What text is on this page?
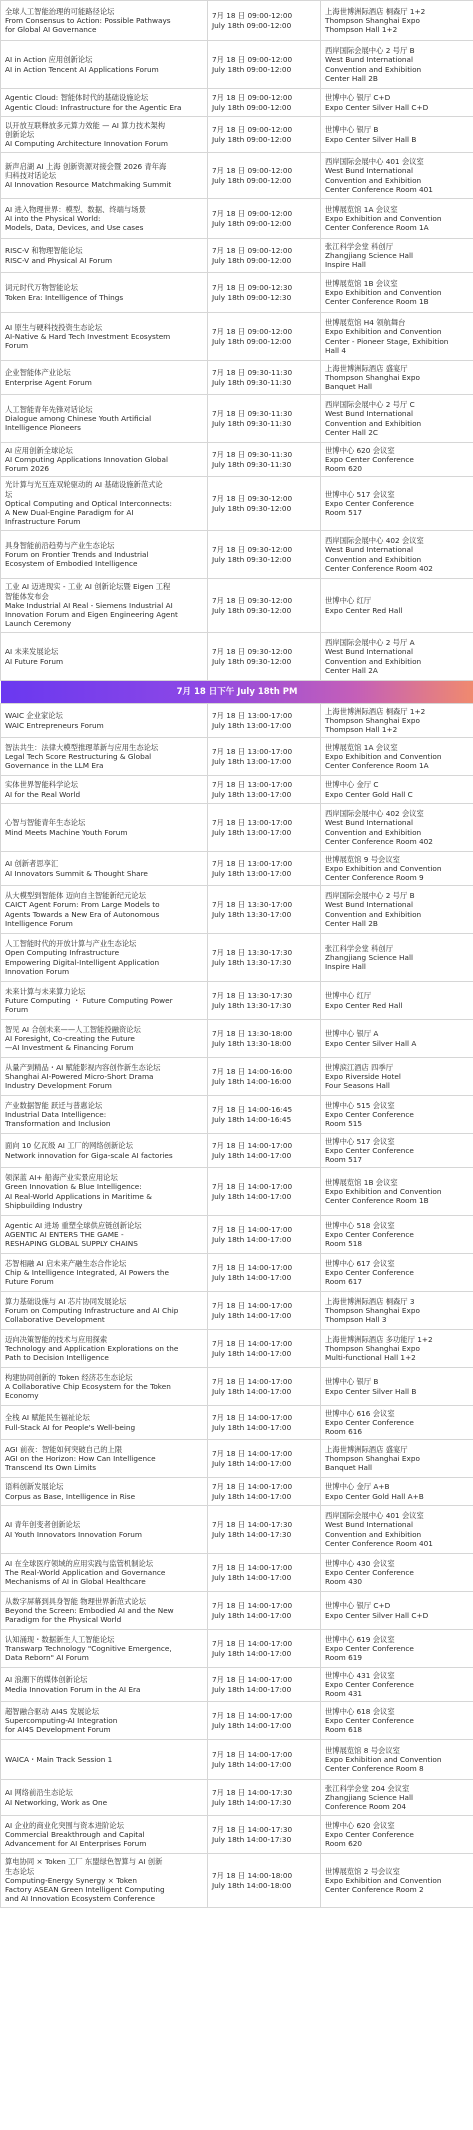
全球人工智能治理的可能路径论坛
From Consensus to Action: Possible Pathways
for Global AI Governance	7月 18 日 09:00-12:00
July 18th 09:00-12:00	上海世博洲际酒店 桐森厅 1+2
Thompson Shanghai Expo
Thompson Hall 1+2

AI in Action 应用创新论坛
AI in Action Tencent AI Applications Forum	7月 18 日 09:00-12:00
July 18th 09:00-12:00	西岸国际会展中心 2 号厅 B
West Bund International
Convention and Exhibition
Center Hall 2B

Agentic Cloud: 智能体时代的基础设施论坛
Agentic Cloud: Infrastructure for the Agentic Era	7月 18 日 09:00-12:00
July 18th 09:00-12:00	世博中心 银厅 C+D
Expo Center Silver Hall C+D

以开放互联释放多元算力效能 — AI 算力技术架构
创新论坛
AI Computing Architecture Innovation Forum	7月 18 日 09:00-12:00
July 18th 09:00-12:00	世博中心 银厅 B
Expo Center Silver Hall B

新声启湖 AI 上海 创新资源对接会暨 2026 青年海
归科技对话论坛
AI Innovation Resource Matchmaking Summit	7月 18 日 09:00-12:00
July 18th 09:00-12:00	西岸国际会展中心 401 会议室
West Bund International
Convention and Exhibition
Center Conference Room 401

AI 进入物理世界：模型、数据、终端与场景
AI into the Physical World:
Models, Data, Devices, and Use cases	7月 18 日 09:00-12:00
July 18th 09:00-12:00	世博展览馆 1A 会议室
Expo Exhibition and Convention
Center Conference Room 1A

RISC-V 和物理智能论坛
RISC-V and Physical AI Forum	7月 18 日 09:00-12:00
July 18th 09:00-12:00	张江科学会堂 科创厅
Zhangjiang Science Hall
Inspire Hall

词元时代万物智能论坛
Token Era: Intelligence of Things	7月 18 日 09:00-12:30
July 18th 09:00-12:30	世博展览馆 1B 会议室
Expo Exhibition and Convention
Center Conference Room 1B

AI 原生与硬科技投资生态论坛
AI-Native & Hard Tech Investment Ecosystem
Forum	7月 18 日 09:00-12:00
July 18th 09:00-12:00	世博展览馆 H4 领航舞台
Expo Exhibition and Convention
Center - Pioneer Stage, Exhibition
Hall 4

企业智能体产业论坛
Enterprise Agent Forum	7月 18 日 09:30-11:30
July 18th 09:30-11:30	上海世博洲际酒店 盛宴厅
Thompson Shanghai Expo
Banquet Hall

人工智能青年先锋对话论坛
Dialogue among Chinese Youth Artificial
Intelligence Pioneers	7月 18 日 09:30-11:30
July 18th 09:30-11:30	西岸国际会展中心 2 号厅 C
West Bund International
Convention and Exhibition
Center Hall 2C

AI 应用创新全球论坛
AI Computing Applications Innovation Global
Forum 2026	7月 18 日 09:30-11:30
July 18th 09:30-11:30	世博中心 620 会议室
Expo Center Conference
Room 620

光计算与光互连双轮驱动的 AI 基础设施新范式论
坛
Optical Computing and Optical Interconnects:
A New Dual-Engine Paradigm for AI
Infrastructure Forum	7月 18 日 09:30-12:00
July 18th 09:30-12:00	世博中心 517 会议室
Expo Center Conference
Room 517

具身智能前沿趋势与产业生态论坛
Forum on Frontier Trends and Industrial
Ecosystem of Embodied Intelligence	7月 18 日 09:30-12:00
July 18th 09:30-12:00	西岸国际会展中心 402 会议室
West Bund International
Convention and Exhibition
Center Conference Room 402

工业 AI 迈进现实 - 工业 AI 创新论坛暨 Eigen 工程
智能体发布会
Make Industrial AI Real - Siemens Industrial AI
Innovation Forum and Eigen Engineering Agent
Launch Ceremony	7月 18 日 09:30-12:00
July 18th 09:30-12:00	世博中心 红厅
Expo Center Red Hall

AI 未来发展论坛
AI Future Forum	7月 18 日 09:30-12:00
July 18th 09:30-12:00	西岸国际会展中心 2 号厅 A
West Bund International
Convention and Exhibition
Center Hall 2A

7月 18 日下午 July 18th PM		

WAIC 企业家论坛
WAIC Entrepreneurs Forum	7月 18 日 13:00-17:00
July 18th 13:00-17:00	上海世博洲际酒店 桐森厅 1+2
Thompson Shanghai Expo
Thompson Hall 1+2

智法共生：法律大模型推理革新与应用生态论坛
Legal Tech Score Restructuring & Global
Governance in the LLM Era	7月 18 日 13:00-17:00
July 18th 13:00-17:00	世博展览馆 1A 会议室
Expo Exhibition and Convention
Center Conference Room 1A

实体世界智能科学论坛
AI for the Real World	7月 18 日 13:00-17:00
July 18th 13:00-17:00	世博中心 金厅 C
Expo Center Gold Hall C

心智与智能青年生态论坛
Mind Meets Machine Youth Forum	7月 18 日 13:00-17:00
July 18th 13:00-17:00	西岸国际会展中心 402 会议室
West Bund International
Convention and Exhibition
Center Conference Room 402

AI 创新者思享汇
AI Innovators Summit & Thought Share	7月 18 日 13:00-17:00
July 18th 13:00-17:00	世博展览馆 9 号会议室
Expo Exhibition and Convention
Center Conference Room 9

从大模型到智能体 迈向自主智能新纪元论坛
CAICT Agent Forum: From Large Models to
Agents Towards a New Era of Autonomous
Intelligence Forum	7月 18 日 13:30-17:00
July 18th 13:30-17:00	西岸国际会展中心 2 号厅 B
West Bund International
Convention and Exhibition
Center Hall 2B

人工智能时代的开放计算与产业生态论坛
Open Computing Infrastructure
Empowering Digital-Intelligent Application
Innovation Forum	7月 18 日 13:30-17:30
July 18th 13:30-17:30	张江科学会堂 科创厅
Zhangjiang Science Hall
Inspire Hall

未来计算与未来算力论坛
Future Computing ・ Future Computing Power
Forum	7月 18 日 13:30-17:30
July 18th 13:30-17:30	世博中心 红厅
Expo Center Red Hall

智见 AI 合创未来——人工智能投融资论坛
AI Foresight, Co-creating the Future
—AI Investment & Financing Forum	7月 18 日 13:30-18:00
July 18th 13:30-18:00	世博中心 银厅 A
Expo Center Silver Hall A

从量产到精品・AI 赋能影视内容创作新生态论坛
Shanghai AI-Powered Micro-Short Drama
Industry Development Forum	7月 18 日 14:00-16:00
July 18th 14:00-16:00	世博滨江酒店 四季厅
Expo Riverside Hotel
Four Seasons Hall

产业数据智能 跃迁与普惠论坛
Industrial Data Intelligence:
Transformation and Inclusion	7月 18 日 14:00-16:45
July 18th 14:00-16:45	世博中心 515 会议室
Expo Center Conference
Room 515

面向 10 亿瓦级 AI 工厂的网络创新论坛
Network innovation for Giga-scale AI factories	7月 18 日 14:00-17:00
July 18th 14:00-17:00	世博中心 517 会议室
Expo Center Conference
Room 517

领深蓝 AI+ 船海产业实景应用论坛
Green Innovation & Blue Intelligence:
AI Real-World Applications in Maritime &
Shipbuilding Industry	7月 18 日 14:00-17:00
July 18th 14:00-17:00	世博展览馆 1B 会议室
Expo Exhibition and Convention
Center Conference Room 1B

Agentic AI 进场 重塑全球供应链创新论坛
AGENTIC AI ENTERS THE GAME -
RESHAPING GLOBAL SUPPLY CHAINS	7月 18 日 14:00-17:00
July 18th 14:00-17:00	世博中心 518 会议室
Expo Center Conference
Room 518

芯智相融 AI 启未来产融生态合作论坛
Chip & Intelligence Integrated, AI Powers the
Future Forum	7月 18 日 14:00-17:00
July 18th 14:00-17:00	世博中心 617 会议室
Expo Center Conference
Room 617

算力基础设施与 AI 芯片协同发展论坛
Forum on Computing Infrastructure and AI Chip
Collaborative Development	7月 18 日 14:00-17:00
July 18th 14:00-17:00	上海世博洲际酒店 桐森厅 3
Thompson Shanghai Expo
Thompson Hall 3

迈向决策智能的技术与应用探索
Technology and Application Explorations on the
Path to Decision Intelligence	7月 18 日 14:00-17:00
July 18th 14:00-17:00	上海世博洲际酒店 多功能厅 1+2
Thompson Shanghai Expo
Multi-functional Hall 1+2

构建协同创新的 Token 经济芯生态论坛
A Collaborative Chip Ecosystem for the Token
Economy	7月 18 日 14:00-17:00
July 18th 14:00-17:00	世博中心 银厅 B
Expo Center Silver Hall B

全栈 AI 赋能民生福祉论坛
Full-Stack AI for People's Well-being	7月 18 日 14:00-17:00
July 18th 14:00-17:00	世博中心 616 会议室
Expo Center Conference
Room 616

AGI 前夜：智能如何突破自己的上限
AGI on the Horizon: How Can Intelligence
Transcend Its Own Limits	7月 18 日 14:00-17:00
July 18th 14:00-17:00	上海世博洲际酒店 盛宴厅
Thompson Shanghai Expo
Banquet Hall

语料创新发展论坛
Corpus as Base, Intelligence in Rise	7月 18 日 14:00-17:00
July 18th 14:00-17:00	世博中心 金厅 A+B
Expo Center Gold Hall A+B

AI 青年创变者创新论坛
AI Youth Innovators Innovation Forum	7月 18 日 14:00-17:30
July 18th 14:00-17:30	西岸国际会展中心 401 会议室
West Bund International
Convention and Exhibition
Center Conference Room 401

AI 在全球医疗领域的应用实践与监管机制论坛
The Real-World Application and Governance
Mechanisms of AI in Global Healthcare	7月 18 日 14:00-17:00
July 18th 14:00-17:00	世博中心 430 会议室
Expo Center Conference
Room 430

从数字屏幕到具身智能 物理世界新范式论坛
Beyond the Screen: Embodied AI and the New
Paradigm for the Physical World	7月 18 日 14:00-17:00
July 18th 14:00-17:00	世博中心 银厅 C+D
Expo Center Silver Hall C+D

认知涌现・数据新生人工智能论坛
Transwarp Technology "Cognitive Emergence,
Data Reborn" AI Forum	7月 18 日 14:00-17:00
July 18th 14:00-17:00	世博中心 619 会议室
Expo Center Conference
Room 619

AI 浪潮下的媒体创新论坛
Media Innovation Forum in the AI Era	7月 18 日 14:00-17:00
July 18th 14:00-17:00	世博中心 431 会议室
Expo Center Conference
Room 431

超智融合驱动 AI4S 发展论坛
Supercomputing-AI Integration
for AI4S Development Forum	7月 18 日 14:00-17:00
July 18th 14:00-17:00	世博中心 618 会议室
Expo Center Conference
Room 618

WAICA・Main Track Session 1	7月 18 日 14:00-17:00
July 18th 14:00-17:00	世博展览馆 8 号会议室
Expo Exhibition and Convention
Center Conference Room 8

AI 网络前沿生态论坛
AI Networking, Work as One	7月 18 日 14:00-17:30
July 18th 14:00-17:30	张江科学会堂 204 会议室
Zhangjiang Science Hall
Conference Room 204

AI 企业的商业化突围与资本进阶论坛
Commercial Breakthrough and Capital
Advancement for AI Enterprises Forum	7月 18 日 14:00-17:30
July 18th 14:00-17:30	世博中心 620 会议室
Expo Center Conference
Room 620

算电协同 × Token 工厂 东盟绿色智算与 AI 创新
生态论坛
Computing-Energy Synergy × Token
Factory ASEAN Green Intelligent Computing
and AI Innovation Ecosystem Conference	7月 18 日 14:00-18:00
July 18th 14:00-18:00	世博展览馆 2 号会议室
Expo Exhibition and Convention
Center Conference Room 2
